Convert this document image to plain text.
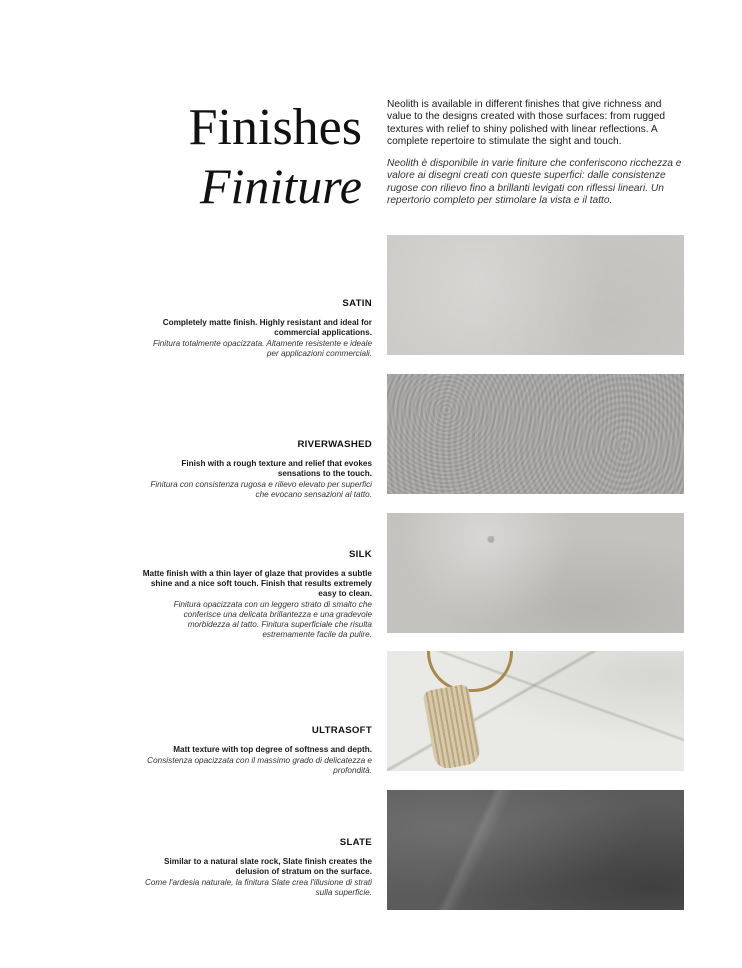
Finishes
Finiture
Neolith is available in different finishes that give richness and value to the designs created with those surfaces: from rugged textures with relief to shiny polished with linear reflections. A complete repertoire to stimulate the sight and touch.
Neolith è disponibile in varie finiture che conferiscono ricchezza e valore ai disegni creati con queste superfici: dalle consistenze rugose con rilievo fino a brillanti levigati con riflessi lineari. Un repertorio completo per stimolare la vista e il tatto.
SATIN
Completely matte finish. Highly resistant and ideal for commercial applications.
Finitura totalmente opacizzata. Altamente resistente e ideale per applicazioni commerciali.
RIVERWASHED
Finish with a rough texture and relief that evokes sensations to the touch.
Finitura con consistenza rugosa e rilievo elevato per superfici che evocano sensazioni al tatto.
SILK
Matte finish with a thin layer of glaze that provides a subtle shine and a nice soft touch. Finish that results extremely easy to clean.
Finitura opacizzata con un leggero strato di smalto che conferisce una delicata brillantezza e una gradevole morbidezza al tatto. Finitura superficiale che risulta estremamente facile da pulire.
ULTRASOFT
Matt texture with top degree of softness and depth.
Consistenza opacizzata con il massimo grado di delicatezza e profondità.
SLATE
Similar to a natural slate rock, Slate finish creates the delusion of stratum on the surface.
Come l'ardesia naturale, la finitura Slate crea l'illusione di strati sulla superficie.
